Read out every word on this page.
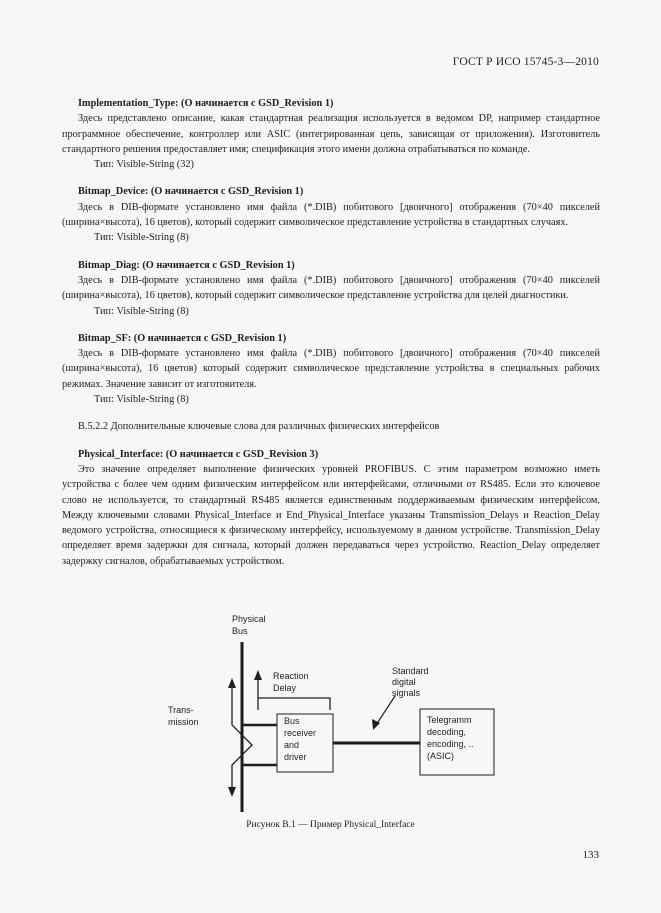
ГОСТ Р ИСО 15745-3—2010

Implementation_Type: (О начинается с GSD_Revision 1)

Здесь представлено описание, какая стандартная реализация используется в ведомом DP, например стандартное программное обеспечение, контроллер или ASIC (интегрированная цепь, зависящая от приложения). Изготовитель стандартного решения предоставляет имя; спецификация этого имени должна отрабатываться по команде.

Тип: Visible-String (32)

Bitmap_Device: (О начинается с GSD_Revision 1)

Здесь в DIB-формате установлено имя файла (*.DIB) побитового [двоичного] отображения (70×40 пикселей (ширина×высота), 16 цветов), который содержит символическое представление устройства в стандартных случаях.

Тип: Visible-String (8)

Bitmap_Diag: (О начинается с GSD_Revision 1)

Здесь в DIB-формате установлено имя файла (*.DIB) побитового [двоичного] отображения (70×40 пикселей (ширина×высота), 16 цветов), который содержит символическое представление устройства для целей диагностики.

Тип: Visible-String (8)

Bitmap_SF: (О начинается с GSD_Revision 1)

Здесь в DIB-формате установлено имя файла (*.DIB) побитового [двоичного] отображения (70×40 пикселей (ширина×высота), 16 цветов) который содержит символическое представление устройства в специальных рабочих режимах. Значение зависит от изготовителя.

Тип: Visible-String (8)

B.5.2.2 Дополнительные ключевые слова для различных физических интерфейсов

Physical_Interface: (О начинается с GSD_Revision 3)

Это значение определяет выполнение физических уровней PROFIBUS. С этим параметром возможно иметь устройства с более чем одним физическим интерфейсом или интерфейсами, отличными от RS485. Если это ключевое слово не используется, то стандартный RS485 является единственным поддерживаемым физическим интерфейсом. Между ключевыми словами Physical_Interface и End_Physical_Interface указаны Transmission_Delays и Reaction_Delay ведомого устройства, относящиеся к физическому интерфейсу, используемому в данном устройстве. Transmission_Delay определяет время задержки для сигнала, который должен передаваться через устройство. Reaction_Delay определяет задержку сигналов, обрабатываемых устройством.

Physical
Bus
Reaction
Delay
Standard
digital
signals
Trans-
mission	Bus
receiver
and
driver
Telegramm
decoding,
encoding, ..
(ASIC)
Рисунок B.1 — Пример Physical_Interface
133
